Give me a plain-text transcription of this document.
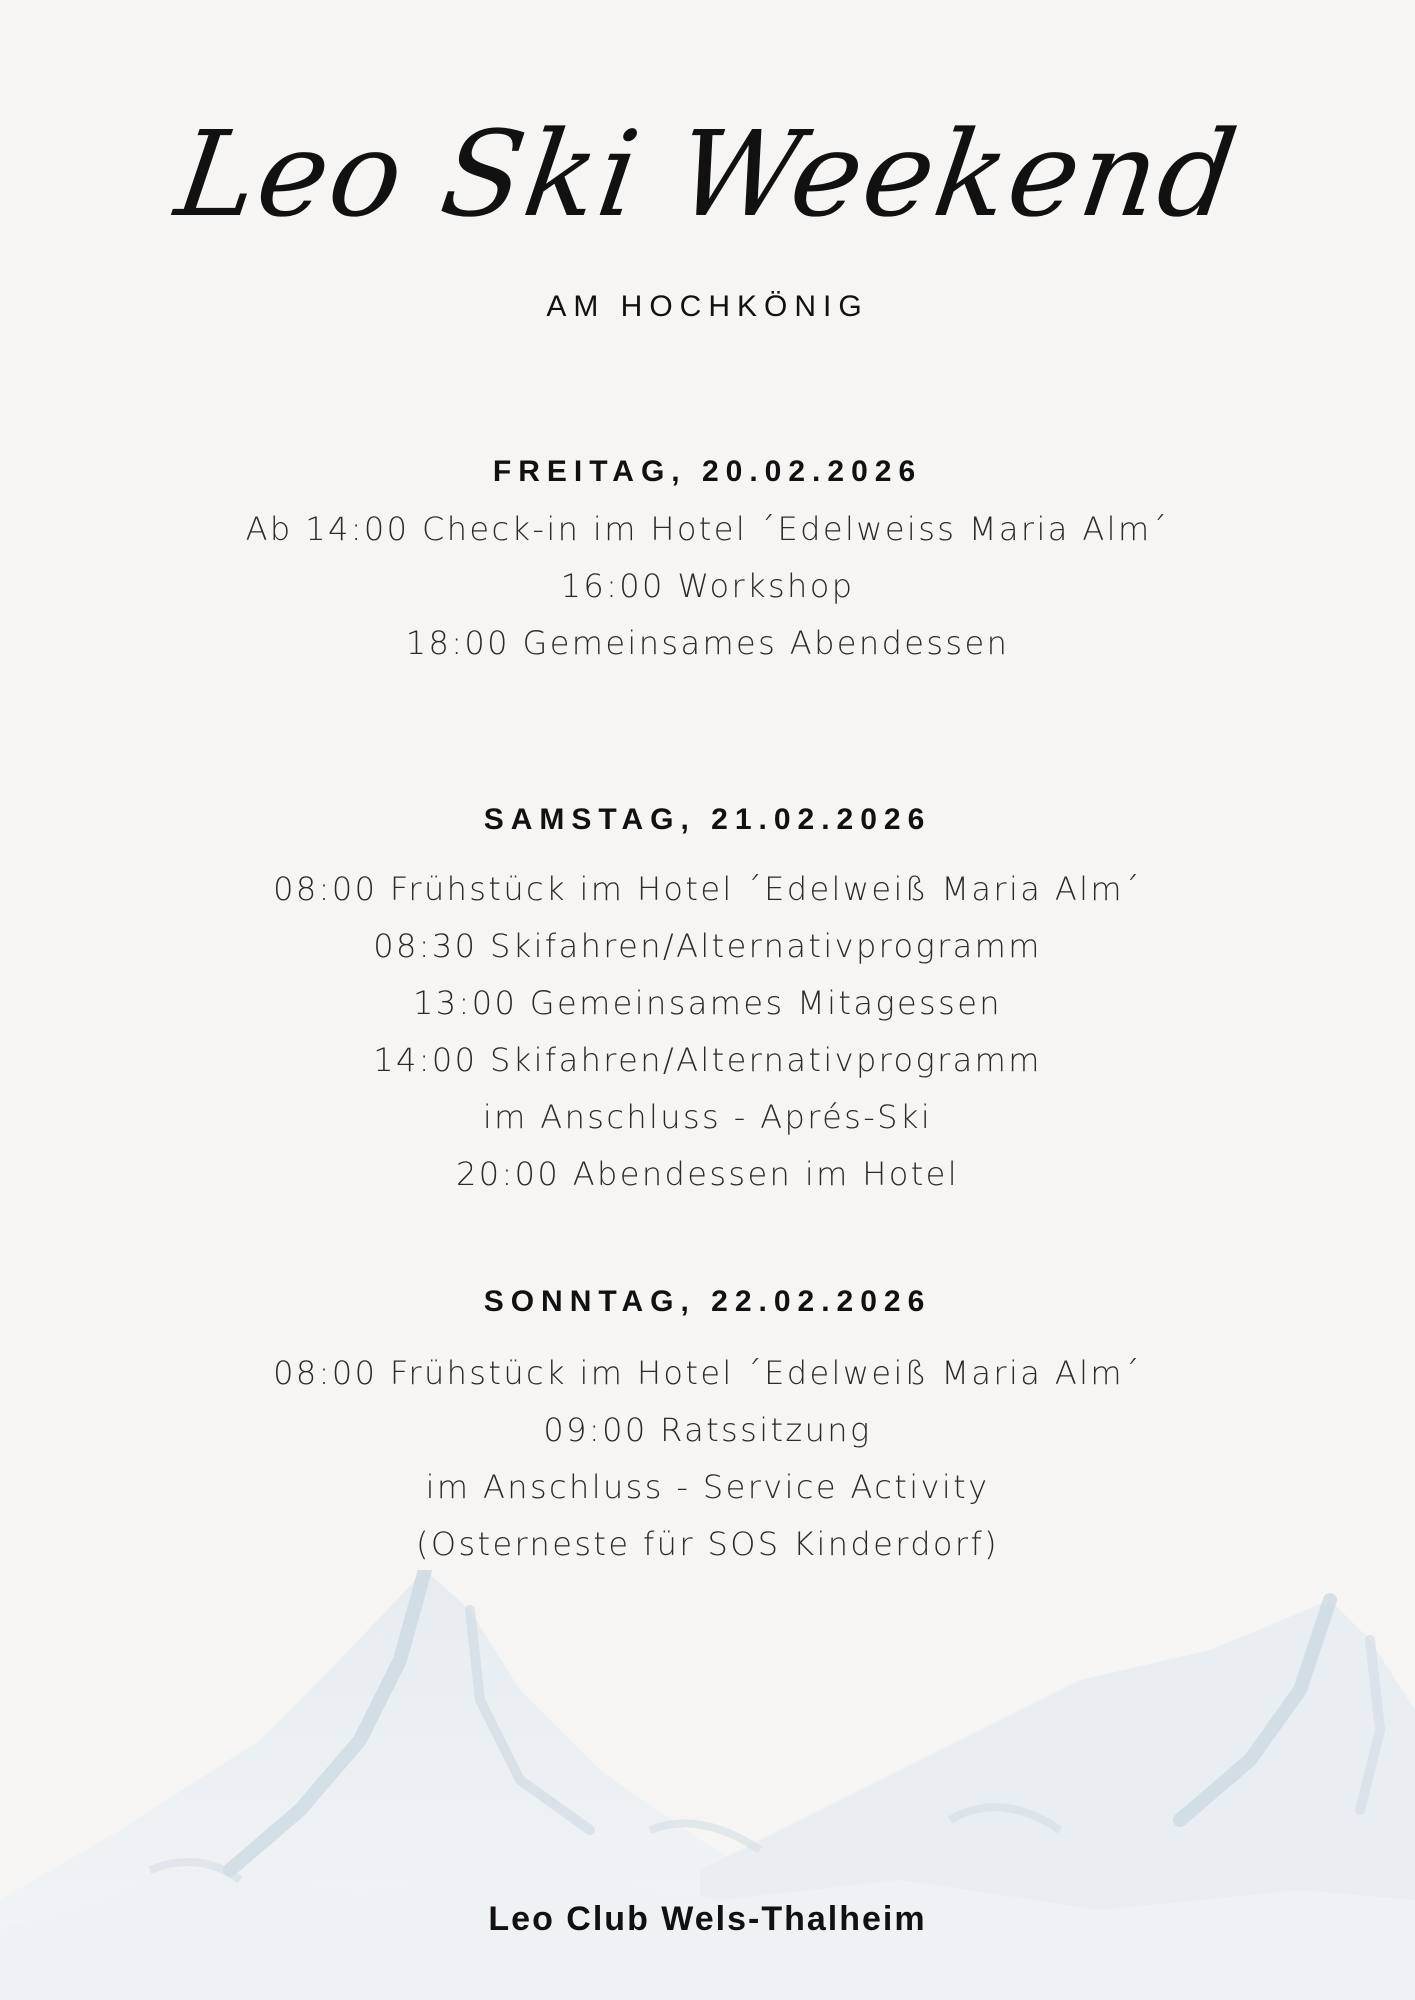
Leo Ski Weekend
AM HOCHKÖNIG
FREITAG, 20.02.2026
Ab 14:00 Check-in im Hotel ´Edelweiss Maria Alm´
16:00 Workshop
18:00 Gemeinsames Abendessen
SAMSTAG, 21.02.2026
08:00 Frühstück im Hotel ´Edelweiß Maria Alm´
08:30 Skifahren/Alternativprogramm
13:00 Gemeinsames Mitagessen
14:00 Skifahren/Alternativprogramm
im Anschluss - Aprés-Ski
20:00 Abendessen im Hotel
SONNTAG, 22.02.2026
08:00 Frühstück im Hotel ´Edelweiß Maria Alm´
09:00 Ratssitzung
im Anschluss - Service Activity
(Osterneste für SOS Kinderdorf)
Leo Club Wels-Thalheim
